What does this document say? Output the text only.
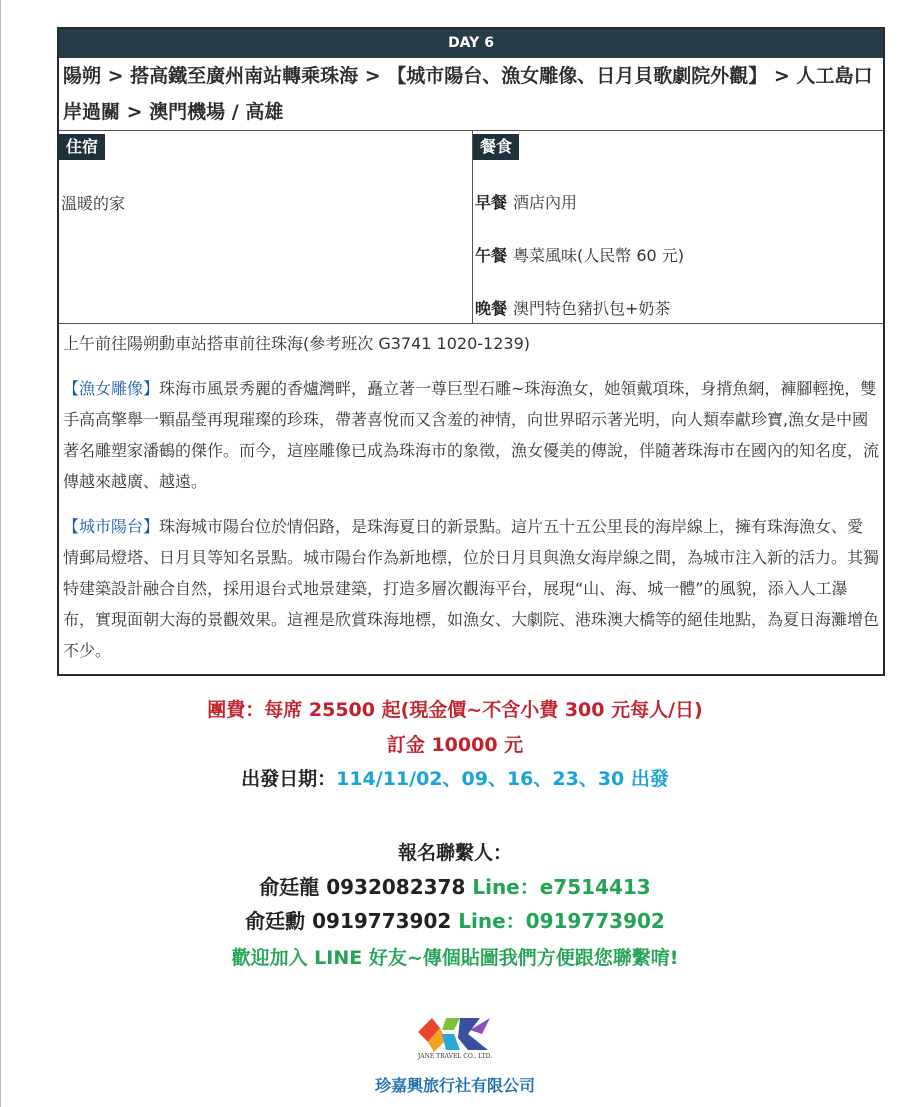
DAY 6
陽朔 > 搭高鐵至廣州南站轉乘珠海 > 【城市陽台、漁女雕像、日月貝歌劇院外觀】 > 人工島口岸過關 > 澳門機場 / 高雄
住宿
溫暖的家
餐食
早餐 酒店內用
午餐 粵菜風味(人民幣 60 元)
晚餐 澳門特色豬扒包+奶茶

上午前往陽朔動車站搭車前往珠海(參考班次 G3741 1020-1239)

【漁女雕像】珠海市風景秀麗的香爐灣畔，矗立著一尊巨型石雕~珠海漁女，她領戴項珠，身揹魚網，褲腳輕挽，雙手高高擎舉一顆晶瑩再現璀璨的珍珠，帶著喜悅而又含羞的神情，向世界昭示著光明，向人類奉獻珍寶,漁女是中國著名雕塑家潘鶴的傑作。而今，這座雕像已成為珠海市的象徵，漁女優美的傳說，伴隨著珠海市在國內的知名度，流傳越來越廣、越遠。

【城市陽台】珠海城市陽台位於情侶路，是珠海夏日的新景點。這片五十五公里長的海岸線上，擁有珠海漁女、愛情郵局燈塔、日月貝等知名景點。城市陽台作為新地標，位於日月貝與漁女海岸線之間，為城市注入新的活力。其獨特建築設計融合自然，採用退台式地景建築，打造多層次觀海平台，展現“山、海、城一體”的風貌，添入人工瀑布，實現面朝大海的景觀效果。這裡是欣賞珠海地標，如漁女、大劇院、港珠澳大橋等的絕佳地點，為夏日海灘增色不少。

團費：每席 25500 起(現金價~不含小費 300 元每人/日)
訂金 10000 元
出發日期：114/11/02、09、16、23、30 出發
報名聯繫人：
俞廷龍 0932082378 Line：e7514413
俞廷勳 0919773902 Line：0919773902
歡迎加入 LINE 好友~傳個貼圖我們方便跟您聯繫唷!
JANE TRAVEL CO., LTD.
珍嘉興旅行社有限公司
